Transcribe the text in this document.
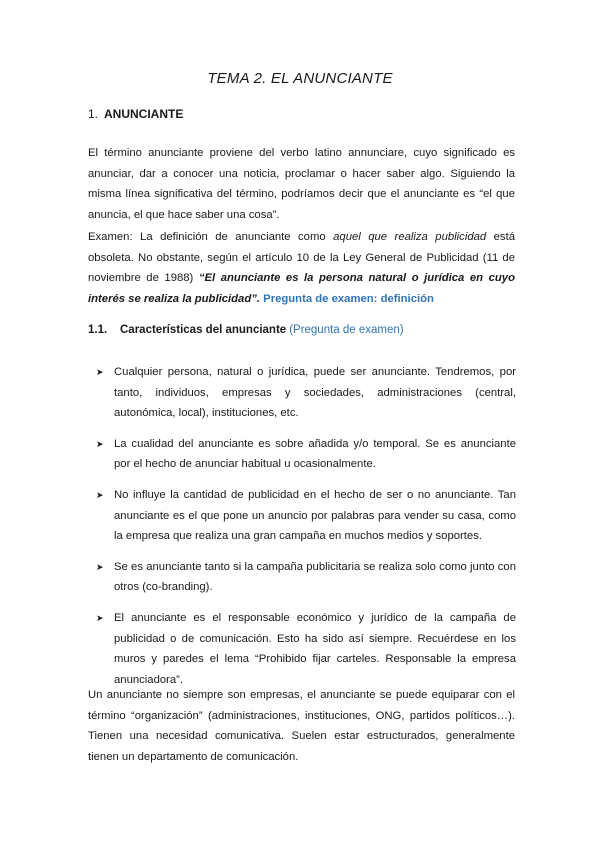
TEMA 2. EL ANUNCIANTE
1. ANUNCIANTE
El término anunciante proviene del verbo latino annunciare, cuyo significado es anunciar, dar a conocer una noticia, proclamar o hacer saber algo. Siguiendo la misma línea significativa del término, podríamos decir que el anunciante es “el que anuncia, el que hace saber una cosa”.
Examen: La definición de anunciante como aquel que realiza publicidad está obsoleta. No obstante, según el artículo 10 de la Ley General de Publicidad (11 de noviembre de 1988) “El anunciante es la persona natural o jurídica en cuyo interés se realiza la publicidad”. Pregunta de examen: definición
1.1.	Características del anunciante (Pregunta de examen)
➤ Cualquier persona, natural o jurídica, puede ser anunciante. Tendremos, por tanto, individuos, empresas y sociedades, administraciones (central, autonómica, local), instituciones, etc.
➤ La cualidad del anunciante es sobre añadida y/o temporal. Se es anunciante por el hecho de anunciar habitual u ocasionalmente.
➤ No influye la cantidad de publicidad en el hecho de ser o no anunciante. Tan anunciante es el que pone un anuncio por palabras para vender su casa, como la empresa que realiza una gran campaña en muchos medios y soportes.
➤ Se es anunciante tanto si la campaña publicitaria se realiza solo como junto con otros (co-branding).
➤ El anunciante es el responsable económico y jurídico de la campaña de publicidad o de comunicación. Esto ha sido así siempre. Recuérdese en los muros y paredes el lema “Prohibido fijar carteles. Responsable la empresa anunciadora”.
Un anunciante no siempre son empresas, el anunciante se puede equiparar con el término “organización” (administraciones, instituciones, ONG, partidos políticos…). Tienen una necesidad comunicativa. Suelen estar estructurados, generalmente tienen un departamento de comunicación.
